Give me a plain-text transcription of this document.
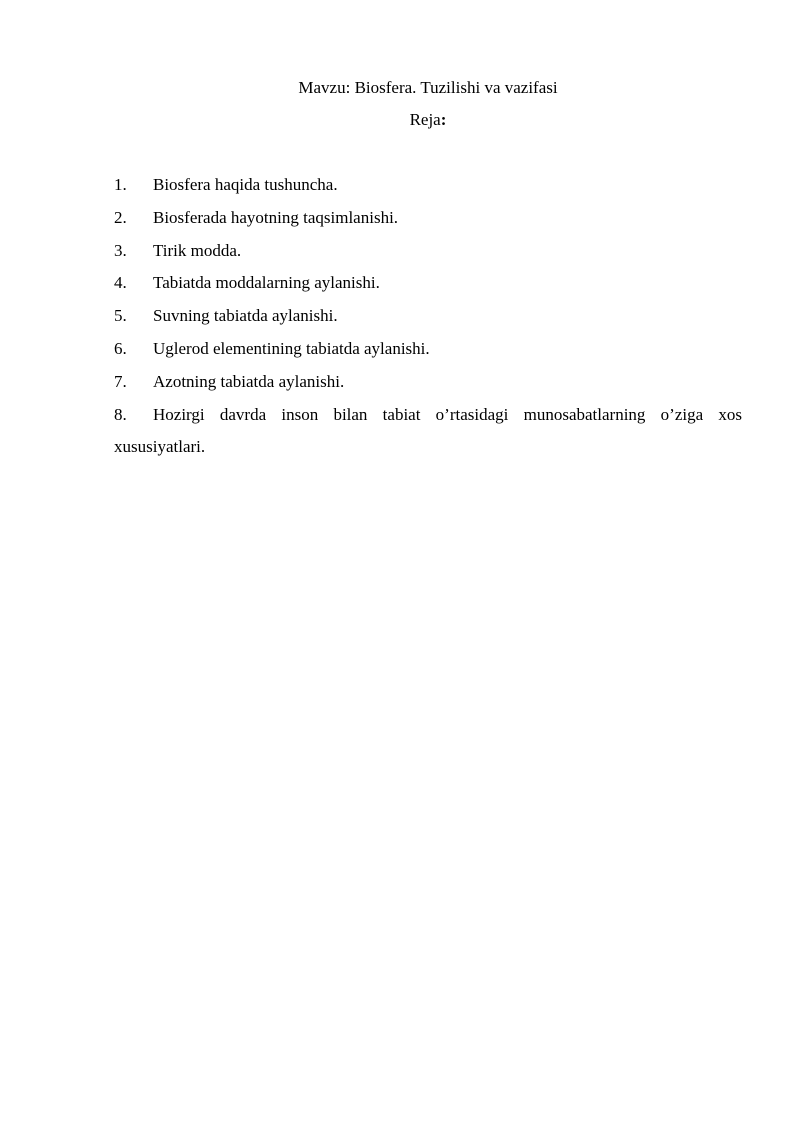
Mavzu: Biosfera. Tuzilishi va vazifasi
Reja:
1. Biosfera haqida tushuncha.
2. Biosferada hayotning taqsimlanishi.
3. Tirik modda.
4. Tabiatda moddalarning aylanishi.
5. Suvning tabiatda aylanishi.
6. Uglerod elementining tabiatda aylanishi.
7. Azotning tabiatda aylanishi.
8. Hozirgi davrda inson bilan tabiat o’rtasidagi munosabatlarning o’ziga xos xususiyatlari.
